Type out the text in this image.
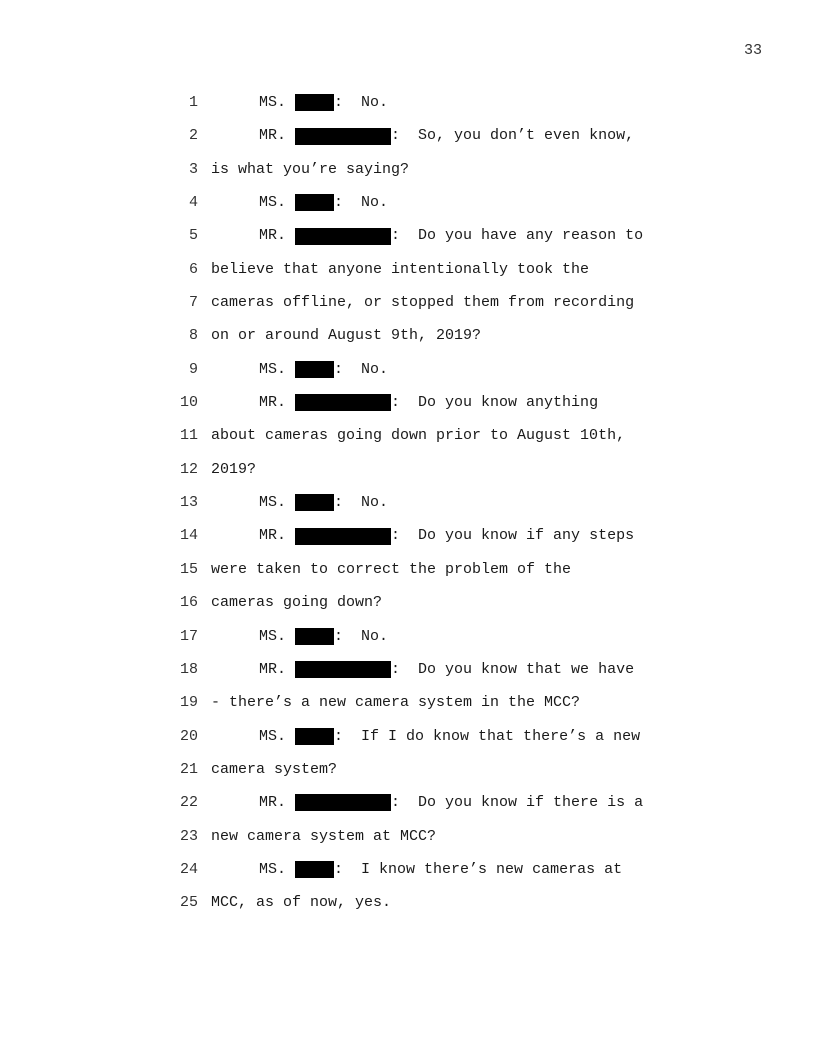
33
1	MS.
	:  No.
2	MR.
	:  So, you don’t even know,
3 is what you’re saying?
4	MS.
	:  No.
5	MR.
	:  Do you have any reason to
6 believe that anyone intentionally took the
7 cameras offline, or stopped them from recording
8 on or around August 9th, 2019?
9	MS.
	:  No.
10	MR.
	:  Do you know anything
11 about cameras going down prior to August 10th,
12 2019?
13	MS.
	:  No.
14	MR.
	:  Do you know if any steps
15 were taken to correct the problem of the
16 cameras going down?
17	MS.
	:  No.
18	MR.
	:  Do you know that we have
19 - there’s a new camera system in the MCC?
20	MS.
	:  If I do know that there’s a new
21 camera system?
22	MR.
	:  Do you know if there is a
23 new camera system at MCC?
24	MS.
	:  I know there’s new cameras at
25 MCC, as of now, yes.
